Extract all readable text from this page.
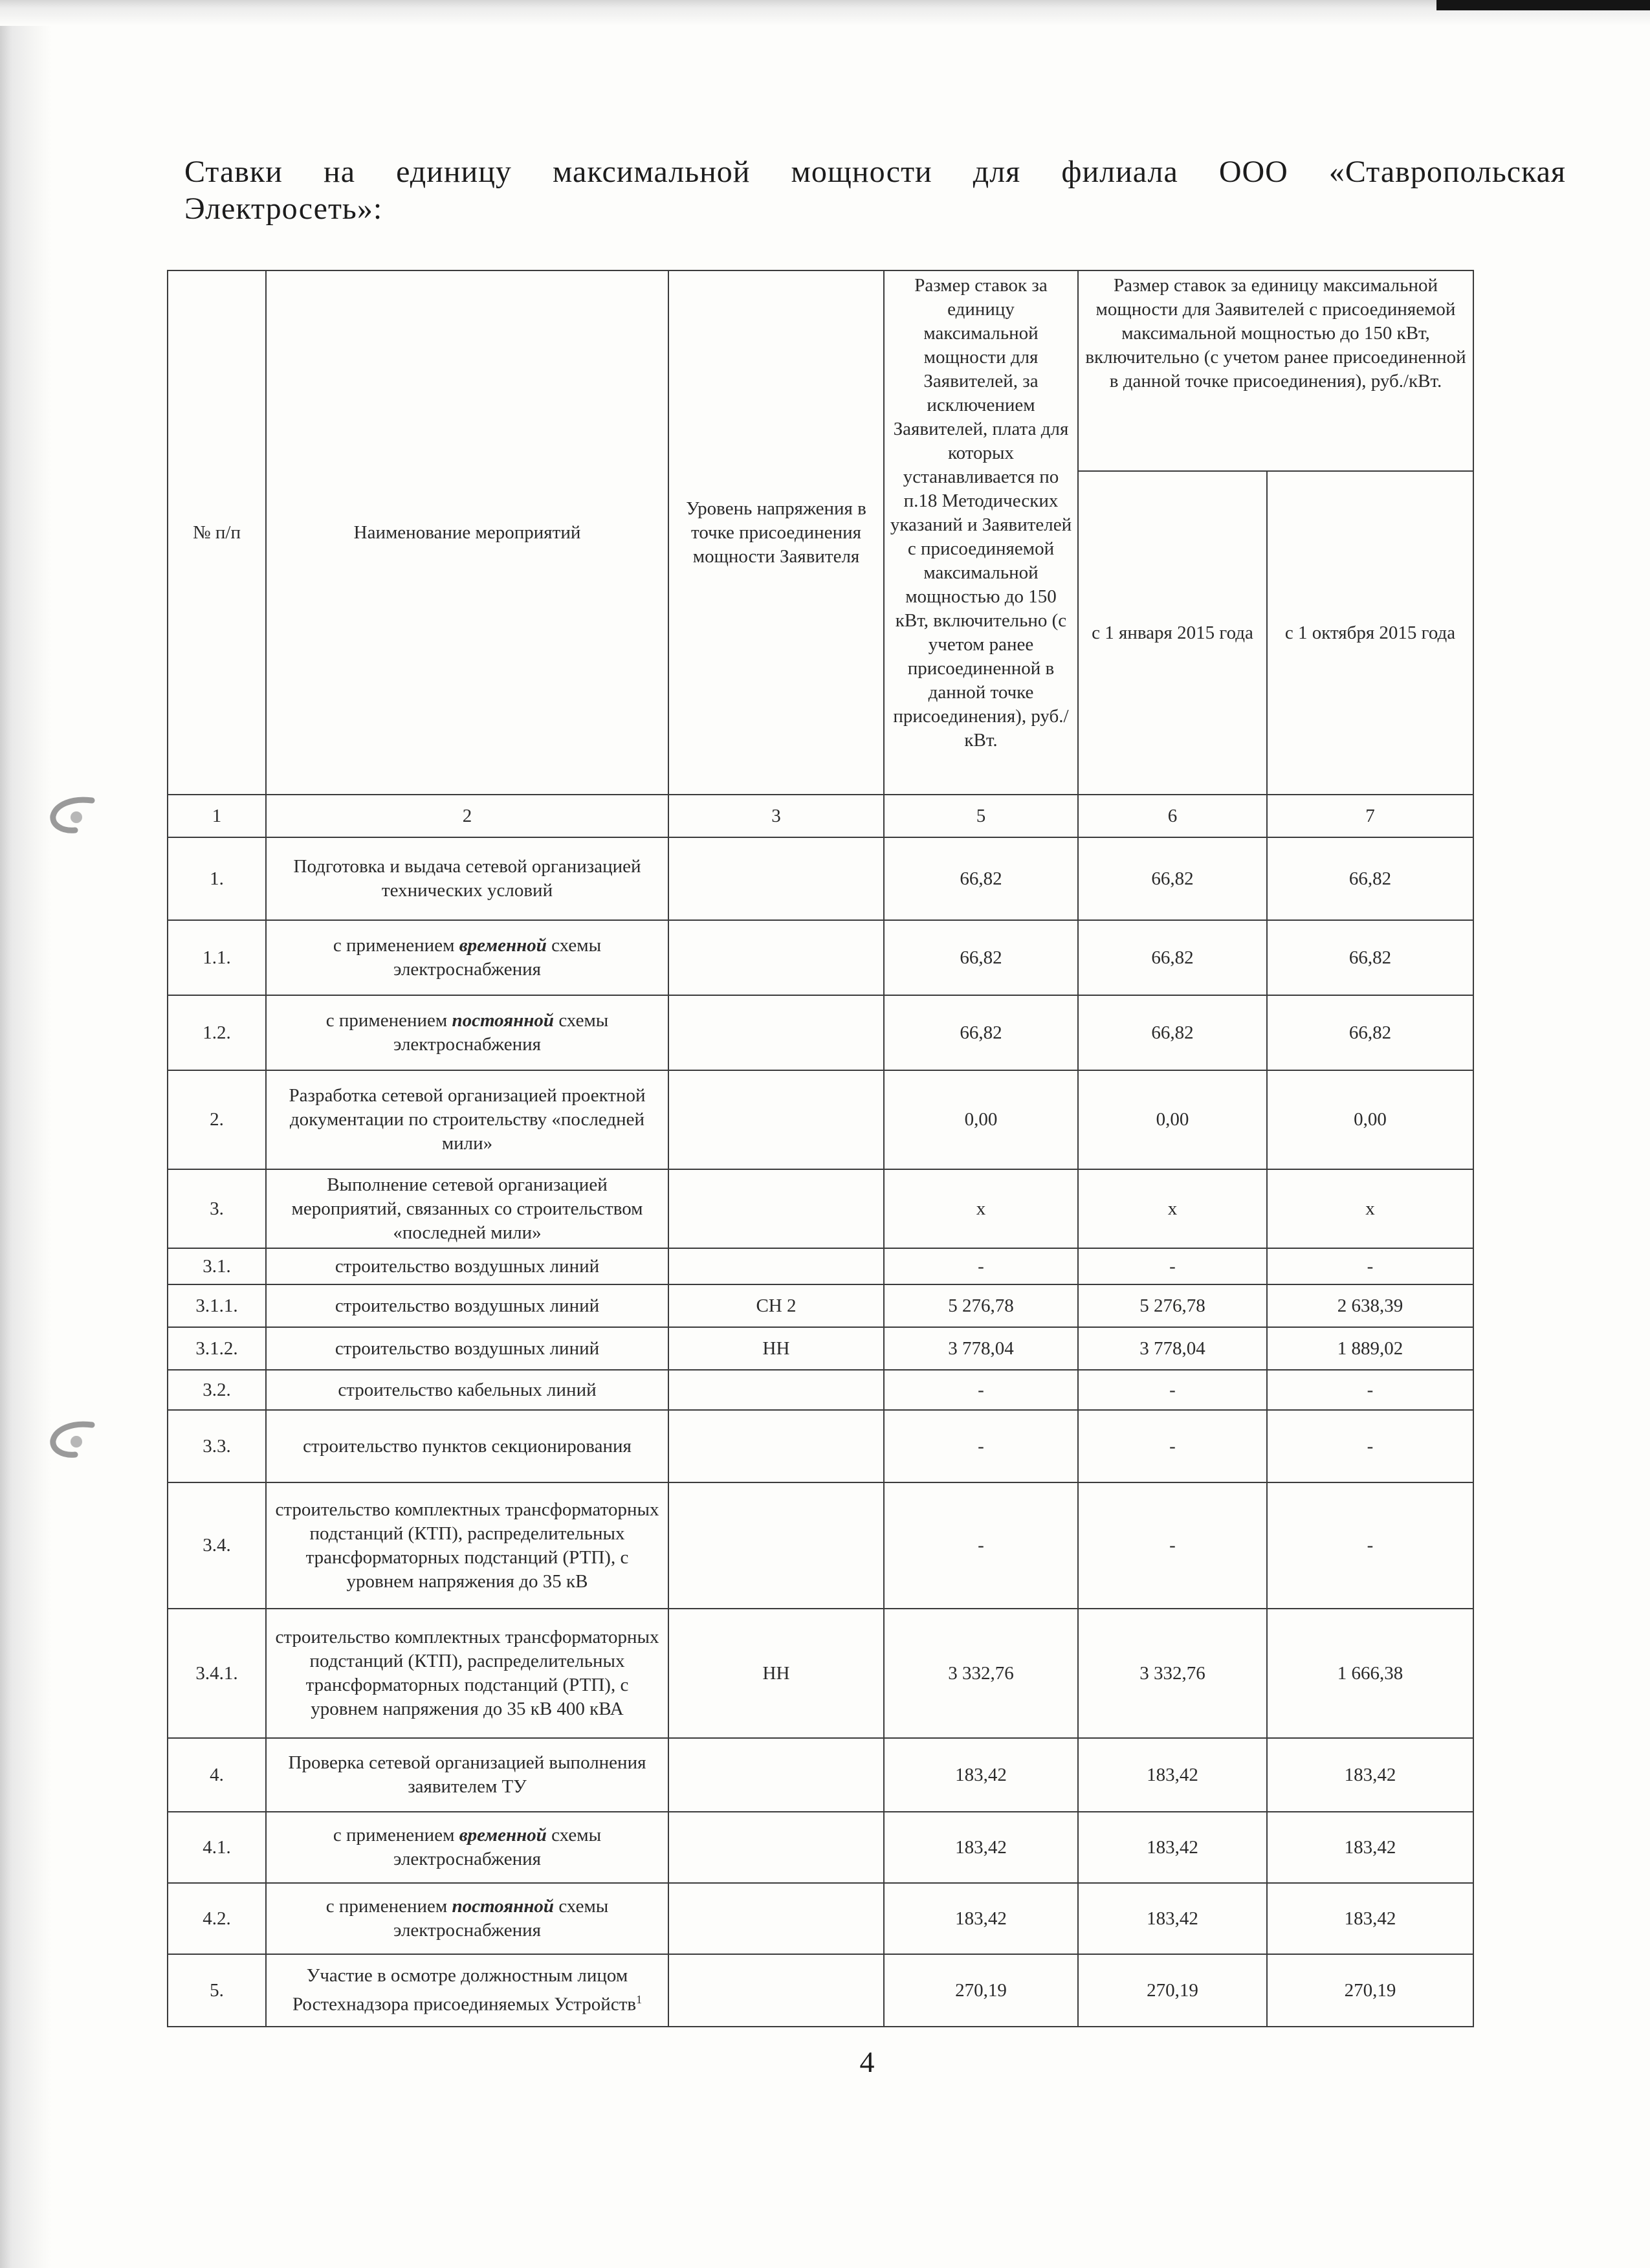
Ставки на единицу максимальной мощности для филиала ООО «Ставропольская
Электросеть»:
№ п/п	Наименование мероприятий	Уровень напряжения в точке присоединения мощности Заявителя	Размер ставок за единицу максимальной мощности для Заявителей, за исключением Заявителей, плата для которых устанавливается по п.18 Методических указаний и Заявителей с присоединяемой максимальной мощностью до 150 кВт, включительно (с учетом ранее присоединенной в данной точке присоединения), руб./кВт.	Размер ставок за единицу максимальной мощности для Заявителей с присоединяемой максимальной мощностью до 150 кВт, включительно (с учетом ранее присоединенной в данной точке присоединения), руб./кВт.	
				с 1 января 2015 года	с 1 октября 2015 года
1	2	3	5	6	7
1.	Подготовка и выдача сетевой организацией технических условий		66,82	66,82	66,82
1.1.	с применением временной схемы электроснабжения		66,82	66,82	66,82
1.2.	с применением постоянной схемы электроснабжения		66,82	66,82	66,82
2.	Разработка сетевой организацией проектной документации по строительству «последней мили»		0,00	0,00	0,00
3.	Выполнение сетевой организацией мероприятий, связанных со строительством «последней мили»		х	х	х
3.1.	строительство воздушных линий		-	-	-
3.1.1.	строительство воздушных линий	СН 2	5 276,78	5 276,78	2 638,39
3.1.2.	строительство воздушных линий	НН	3 778,04	3 778,04	1 889,02
3.2.	строительство кабельных линий		-	-	-
3.3.	строительство пунктов секционирования		-	-	-
3.4.	строительство комплектных трансформаторных подстанций (КТП), распределительных трансформаторных подстанций (РТП), с уровнем напряжения до 35 кВ		-	-	-
3.4.1.	строительство комплектных трансформаторных подстанций (КТП), распределительных трансформаторных подстанций (РТП), с уровнем напряжения до 35 кВ 400 кВА	НН	3 332,76	3 332,76	1 666,38
4.	Проверка сетевой организацией выполнения заявителем ТУ		183,42	183,42	183,42
4.1.	с применением временной схемы электроснабжения		183,42	183,42	183,42
4.2.	с применением постоянной схемы электроснабжения		183,42	183,42	183,42
5.	Участие в осмотре должностным лицом Ростехнадзора присоединяемых Устройств$^1$		270,19	270,19	270,19
4
